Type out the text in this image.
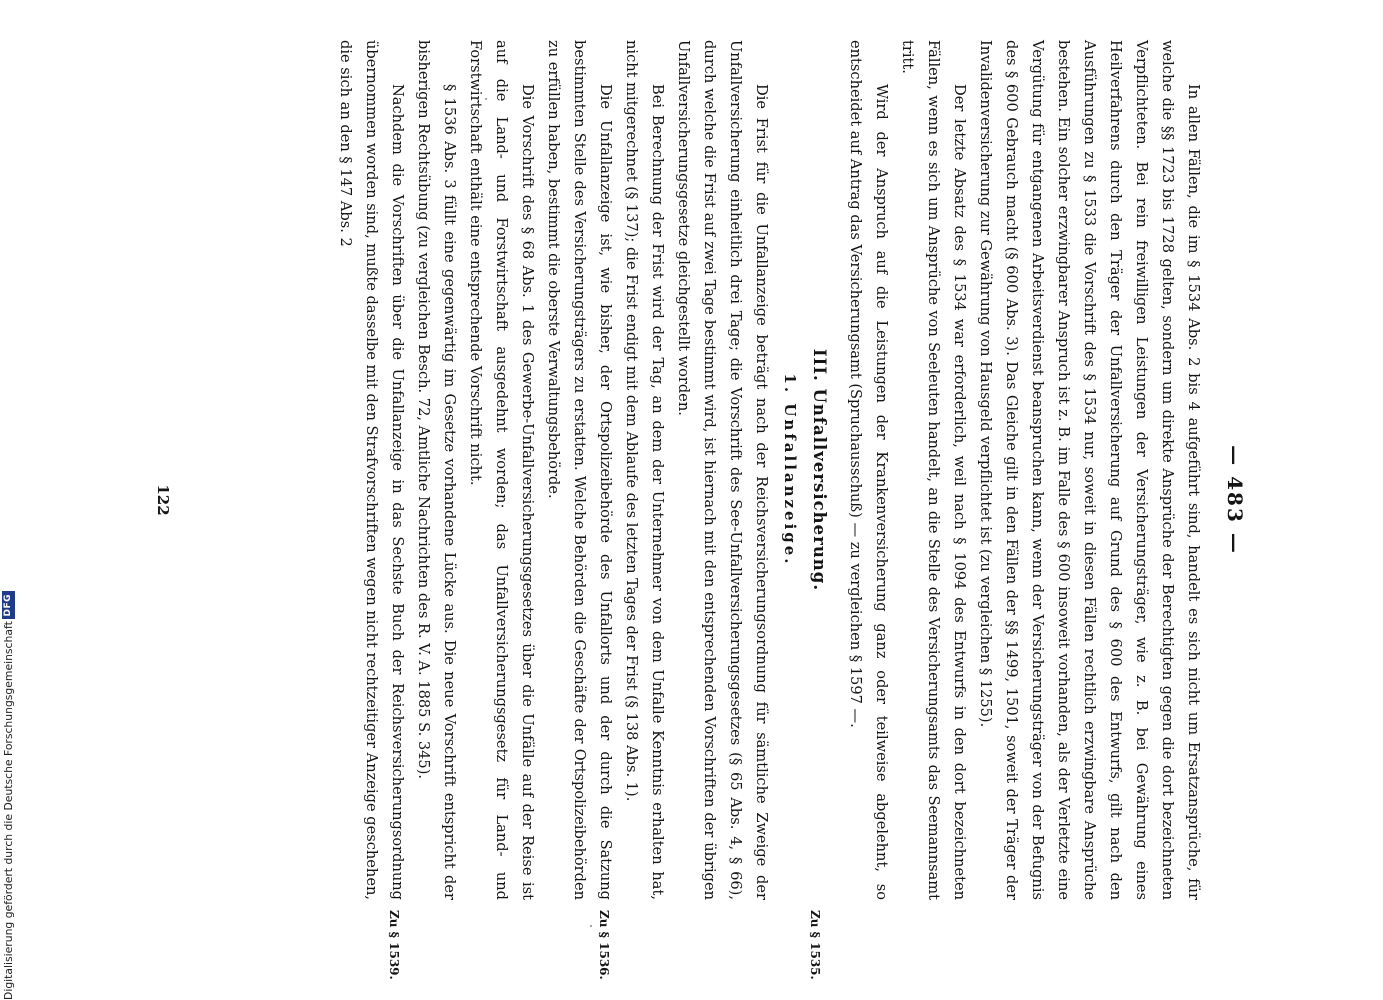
— 483 —

In allen Fällen, die im § 1534 Abs. 2 bis 4 aufgeführt sind, handelt es sich nicht um Ersatzansprüche, für welche die §§ 1723 bis 1728 gelten, sondern um direkte Ansprüche der Berechtigten gegen die dort bezeichneten Verpflichteten. Bei rein freiwilligen Leistungen der Versicherungsträger, wie z. B. bei Gewährung eines Heilverfahrens durch den Träger der Unfallversicherung auf Grund des § 600 des Entwurfs, gilt nach den Ausführungen zu § 1533 die Vorschrift des § 1534 nur, soweit in diesen Fällen rechtlich erzwingbare Ansprüche bestehen. Ein solcher erzwingbarer Anspruch ist z. B. im Falle des § 600 insoweit vorhanden, als der Verletzte eine Vergütung für entgangenen Arbeitsverdienst beanspruchen kann, wenn der Versicherungsträger von der Befugnis des § 600 Gebrauch macht (§ 600 Abs. 3). Das Gleiche gilt in den Fällen der §§ 1499, 1501, soweit der Träger der Invalidenversicherung zur Gewährung von Hausgeld verpflichtet ist (zu vergleichen § 1255).

Der letzte Absatz des § 1534 war erforderlich, weil nach § 1094 des Entwurfs in den dort bezeichneten Fällen, wenn es sich um Ansprüche von Seeleuten handelt, an die Stelle des Versicherungsamts das Seemannsamt tritt.

Wird der Anspruch auf die Leistungen der Krankenversicherung ganz oder teilweise abgelehnt, so entscheidet auf Antrag das Versicherungsamt (Spruchausschuß) — zu vergleichen § 1597 —.

III. Unfallversicherung.

1. Unfallanzeige.

Die Frist für die Unfallanzeige beträgt nach der Reichsversicherungsordnung für sämtliche Zweige der Unfallversicherung einheitlich drei Tage; die Vorschrift des See-Unfallversicherungsgesetzes (§ 65 Abs. 4, § 66), durch welche die Frist auf zwei Tage bestimmt wird, ist hiernach mit den entsprechenden Vorschriften der übrigen Unfallversicherungsgesetze gleichgestellt worden.

Bei Berechnung der Frist wird der Tag, an dem der Unternehmer von dem Unfalle Kenntnis erhalten hat, nicht mitgerechnet (§ 137); die Frist endigt mit dem Ablaufe des letzten Tages der Frist (§ 138 Abs. 1).

Die Unfallanzeige ist, wie bisher, der Ortspolizeibehörde des Unfallorts und der durch die Satzung bestimmten Stelle des Versicherungsträgers zu erstatten. Welche Behörden die Geschäfte der Ortspolizeibehörden zu erfüllen haben, bestimmt die oberste Verwaltungsbehörde.

Die Vorschrift des § 68 Abs. 1 des Gewerbe-Unfallversicherungsgesetzes über die Unfälle auf der Reise ist auf die Land- und Forstwirtschaft ausgedehnt worden; das Unfallversicherungsgesetz für Land- und Forstwirtschaft enthält eine entsprechende Vorschrift nicht.

§ 1536 Abs. 3 füllt eine gegenwärtig im Gesetze vorhandene Lücke aus. Die neue Vorschrift entspricht der bisherigen Rechtsübung (zu vergleichen Besch. 72, Amtliche Nachrichten des R. V. A. 1885 S. 345).

Nachdem die Vorschriften über die Unfallanzeige in das Sechste Buch der Reichsversicherungsordnung übernommen worden sind, mußte dasselbe mit den Strafvorschriften wegen nicht rechtzeitiger Anzeige geschehen, die sich an den § 147 Abs. 2

Zu § 1535.
Zu § 1536.
Zu § 1539.
122
Digitalisierung gefördert durch die Deutsche Forschungsgemeinschaft
DFG
